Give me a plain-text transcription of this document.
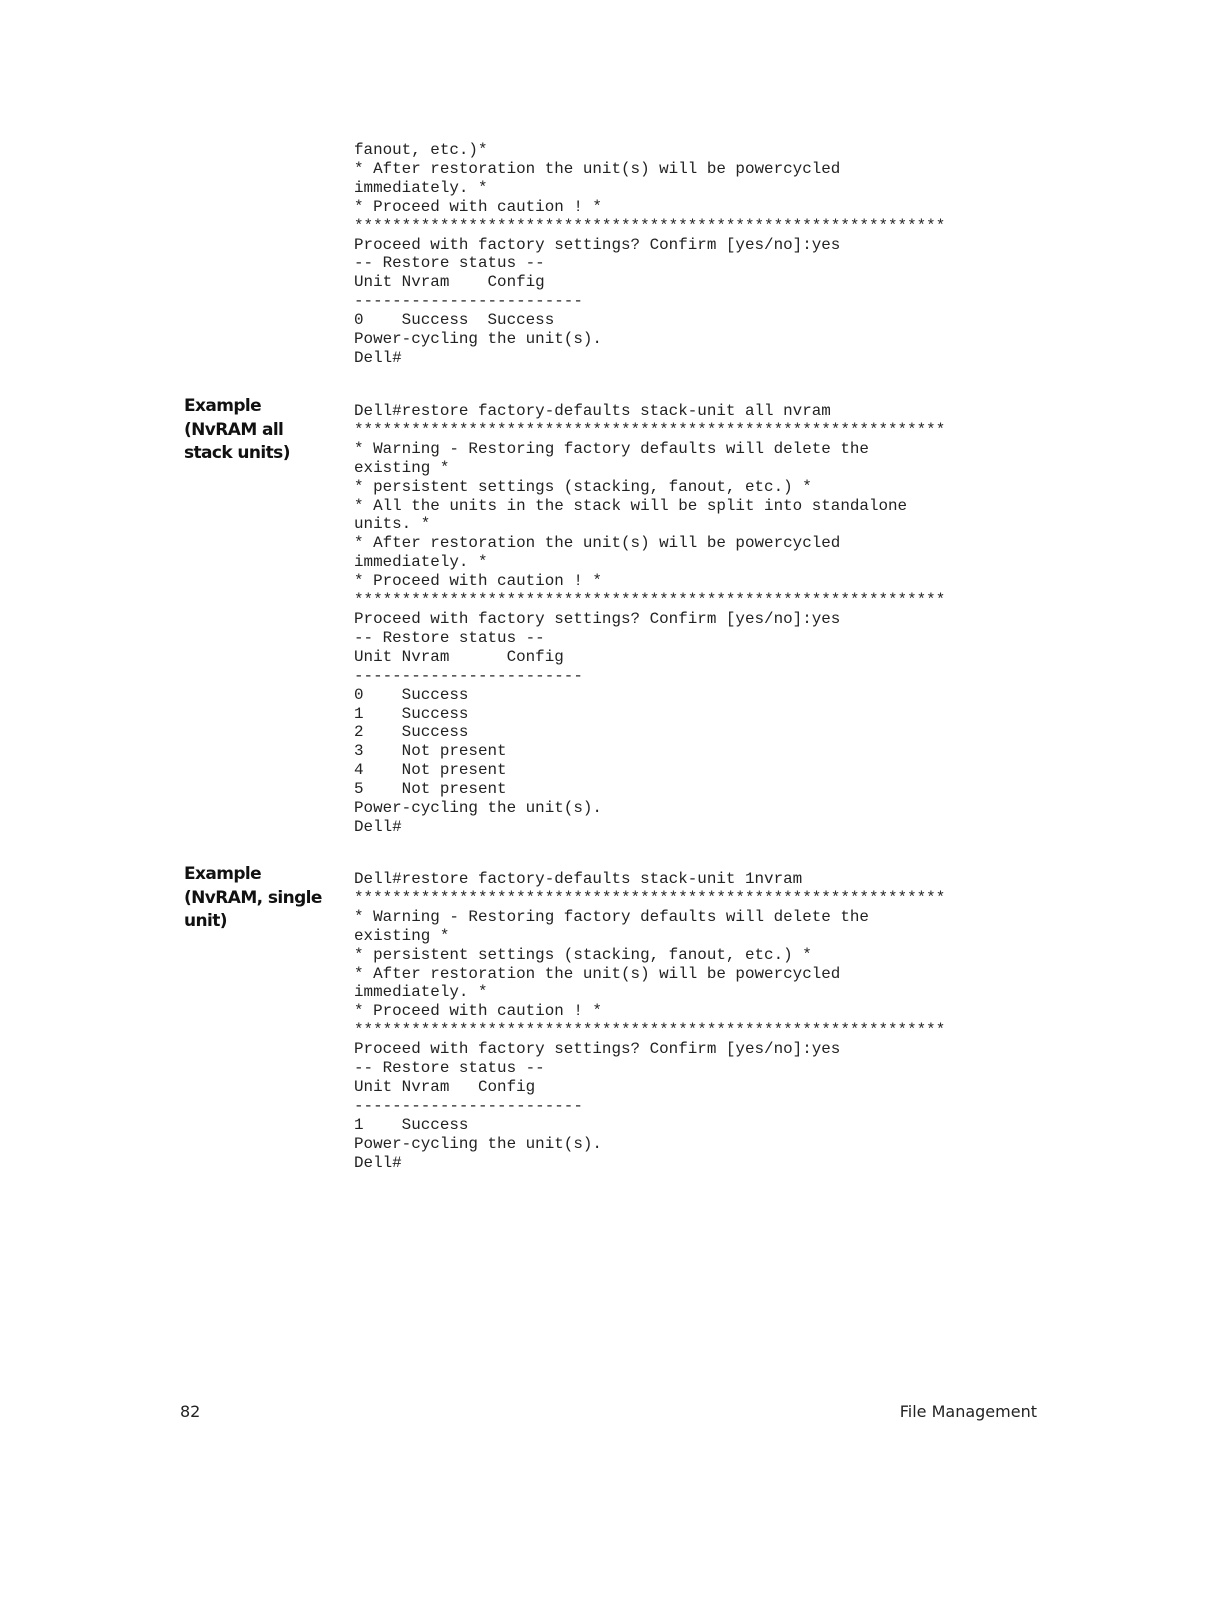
fanout, etc.)*
* After restoration the unit(s) will be powercycled
immediately. *
* Proceed with caution ! *
**************************************************************
Proceed with factory settings? Confirm [yes/no]:yes
-- Restore status --
Unit Nvram    Config
------------------------
0    Success  Success
Power-cycling the unit(s).
Dell#
Example
(NvRAM all
stack units)
Dell#restore factory-defaults stack-unit all nvram
**************************************************************
* Warning - Restoring factory defaults will delete the
existing *
* persistent settings (stacking, fanout, etc.) *
* All the units in the stack will be split into standalone
units. *
* After restoration the unit(s) will be powercycled
immediately. *
* Proceed with caution ! *
**************************************************************
Proceed with factory settings? Confirm [yes/no]:yes
-- Restore status --
Unit Nvram      Config
------------------------
0    Success
1    Success
2    Success
3    Not present
4    Not present
5    Not present
Power-cycling the unit(s).
Dell#
Example
(NvRAM, single
unit)
Dell#restore factory-defaults stack-unit 1nvram
**************************************************************
* Warning - Restoring factory defaults will delete the
existing *
* persistent settings (stacking, fanout, etc.) *
* After restoration the unit(s) will be powercycled
immediately. *
* Proceed with caution ! *
**************************************************************
Proceed with factory settings? Confirm [yes/no]:yes
-- Restore status --
Unit Nvram   Config
------------------------
1    Success
Power-cycling the unit(s).
Dell#
82	File Management
